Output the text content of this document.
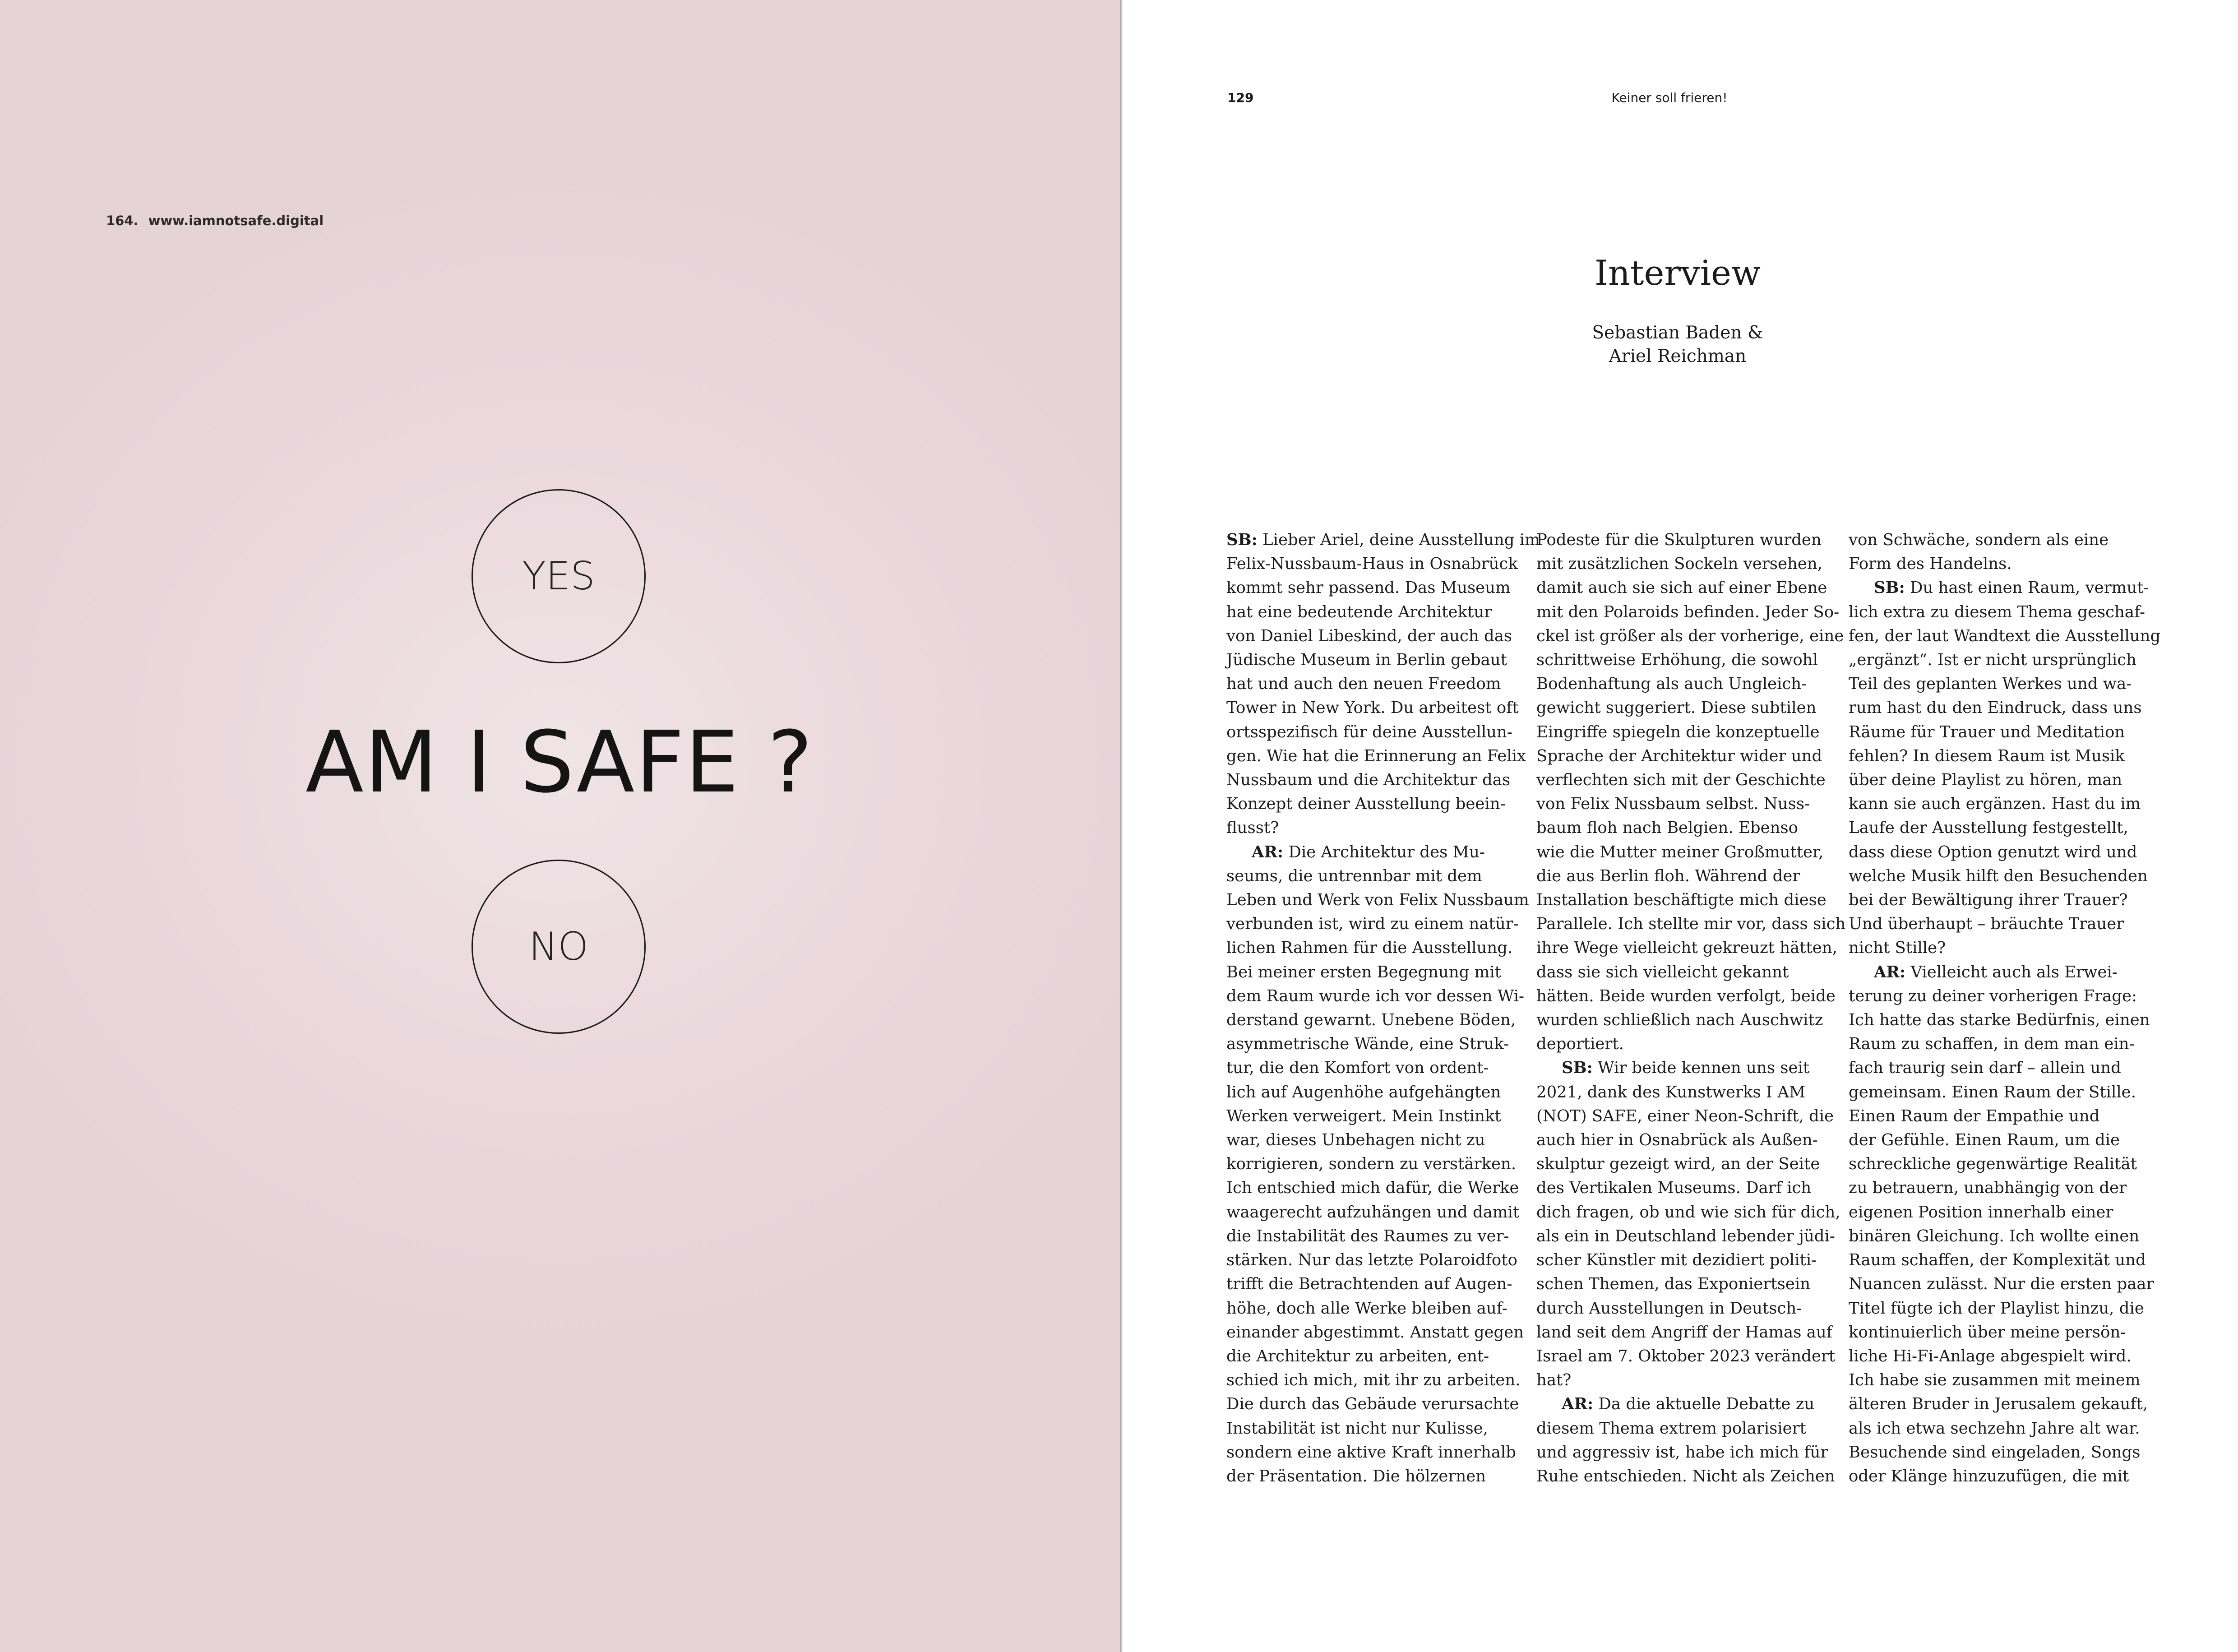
164. www.iamnotsafe.digital
YES
AM I SAFE ?
NO
129	Keiner soll frieren!
Interview
Sebastian Baden &
Ariel Reichman
SB: Lieber Ariel, deine Ausstellung im
Felix-Nussbaum-Haus in Osnabrück
kommt sehr passend. Das Museum
hat eine bedeutende Architektur
von Daniel Libeskind, der auch das
Jüdische Museum in Berlin gebaut
hat und auch den neuen Freedom
Tower in New York. Du arbeitest oft
ortsspezifisch für deine Ausstellun-
gen. Wie hat die Erinnerung an Felix
Nussbaum und die Architektur das
Konzept deiner Ausstellung beein-
flusst?
AR: Die Architektur des Mu-
seums, die untrennbar mit dem
Leben und Werk von Felix Nussbaum
verbunden ist, wird zu einem natür-
lichen Rahmen für die Ausstellung.
Bei meiner ersten Begegnung mit
dem Raum wurde ich vor dessen Wi-
derstand gewarnt. Unebene Böden,
asymmetrische Wände, eine Struk-
tur, die den Komfort von ordent-
lich auf Augenhöhe aufgehängten
Werken verweigert. Mein Instinkt
war, dieses Unbehagen nicht zu
korrigieren, sondern zu verstärken.
Ich entschied mich dafür, die Werke
waagerecht aufzuhängen und damit
die Instabilität des Raumes zu ver-
stärken. Nur das letzte Polaroidfoto
trifft die Betrachtenden auf Augen-
höhe, doch alle Werke bleiben auf-
einander abgestimmt. Anstatt gegen
die Architektur zu arbeiten, ent-
schied ich mich, mit ihr zu arbeiten.
Die durch das Gebäude verursachte
Instabilität ist nicht nur Kulisse,
sondern eine aktive Kraft innerhalb
der Präsentation. Die hölzernen
Podeste für die Skulpturen wurden
mit zusätzlichen Sockeln versehen,
damit auch sie sich auf einer Ebene
mit den Polaroids befinden. Jeder So-
ckel ist größer als der vorherige, eine
schrittweise Erhöhung, die sowohl
Bodenhaftung als auch Ungleich-
gewicht suggeriert. Diese subtilen
Eingriffe spiegeln die konzeptuelle
Sprache der Architektur wider und
verflechten sich mit der Geschichte
von Felix Nussbaum selbst. Nuss-
baum floh nach Belgien. Ebenso
wie die Mutter meiner Großmutter,
die aus Berlin floh. Während der
Installation beschäftigte mich diese
Parallele. Ich stellte mir vor, dass sich
ihre Wege vielleicht gekreuzt hätten,
dass sie sich vielleicht gekannt
hätten. Beide wurden verfolgt, beide
wurden schließlich nach Auschwitz
deportiert.
SB: Wir beide kennen uns seit
2021, dank des Kunstwerks I AM
(NOT) SAFE, einer Neon-Schrift, die
auch hier in Osnabrück als Außen-
skulptur gezeigt wird, an der Seite
des Vertikalen Museums. Darf ich
dich fragen, ob und wie sich für dich,
als ein in Deutschland lebender jüdi-
scher Künstler mit dezidiert politi-
schen Themen, das Exponiertsein
durch Ausstellungen in Deutsch-
land seit dem Angriff der Hamas auf
Israel am 7. Oktober 2023 verändert
hat?
AR: Da die aktuelle Debatte zu
diesem Thema extrem polarisiert
und aggressiv ist, habe ich mich für
Ruhe entschieden. Nicht als Zeichen
von Schwäche, sondern als eine
Form des Handelns.
SB: Du hast einen Raum, vermut-
lich extra zu diesem Thema geschaf-
fen, der laut Wandtext die Ausstellung
„ergänzt“. Ist er nicht ursprünglich
Teil des geplanten Werkes und wa-
rum hast du den Eindruck, dass uns
Räume für Trauer und Meditation
fehlen? In diesem Raum ist Musik
über deine Playlist zu hören, man
kann sie auch ergänzen. Hast du im
Laufe der Ausstellung festgestellt,
dass diese Option genutzt wird und
welche Musik hilft den Besuchenden
bei der Bewältigung ihrer Trauer?
Und überhaupt – bräuchte Trauer
nicht Stille?
AR: Vielleicht auch als Erwei-
terung zu deiner vorherigen Frage:
Ich hatte das starke Bedürfnis, einen
Raum zu schaffen, in dem man ein-
fach traurig sein darf – allein und
gemeinsam. Einen Raum der Stille.
Einen Raum der Empathie und
der Gefühle. Einen Raum, um die
schreckliche gegenwärtige Realität
zu betrauern, unabhängig von der
eigenen Position innerhalb einer
binären Gleichung. Ich wollte einen
Raum schaffen, der Komplexität und
Nuancen zulässt. Nur die ersten paar
Titel fügte ich der Playlist hinzu, die
kontinuierlich über meine persön-
liche Hi-Fi-Anlage abgespielt wird.
Ich habe sie zusammen mit meinem
älteren Bruder in Jerusalem gekauft,
als ich etwa sechzehn Jahre alt war.
Besuchende sind eingeladen, Songs
oder Klänge hinzuzufügen, die mit
